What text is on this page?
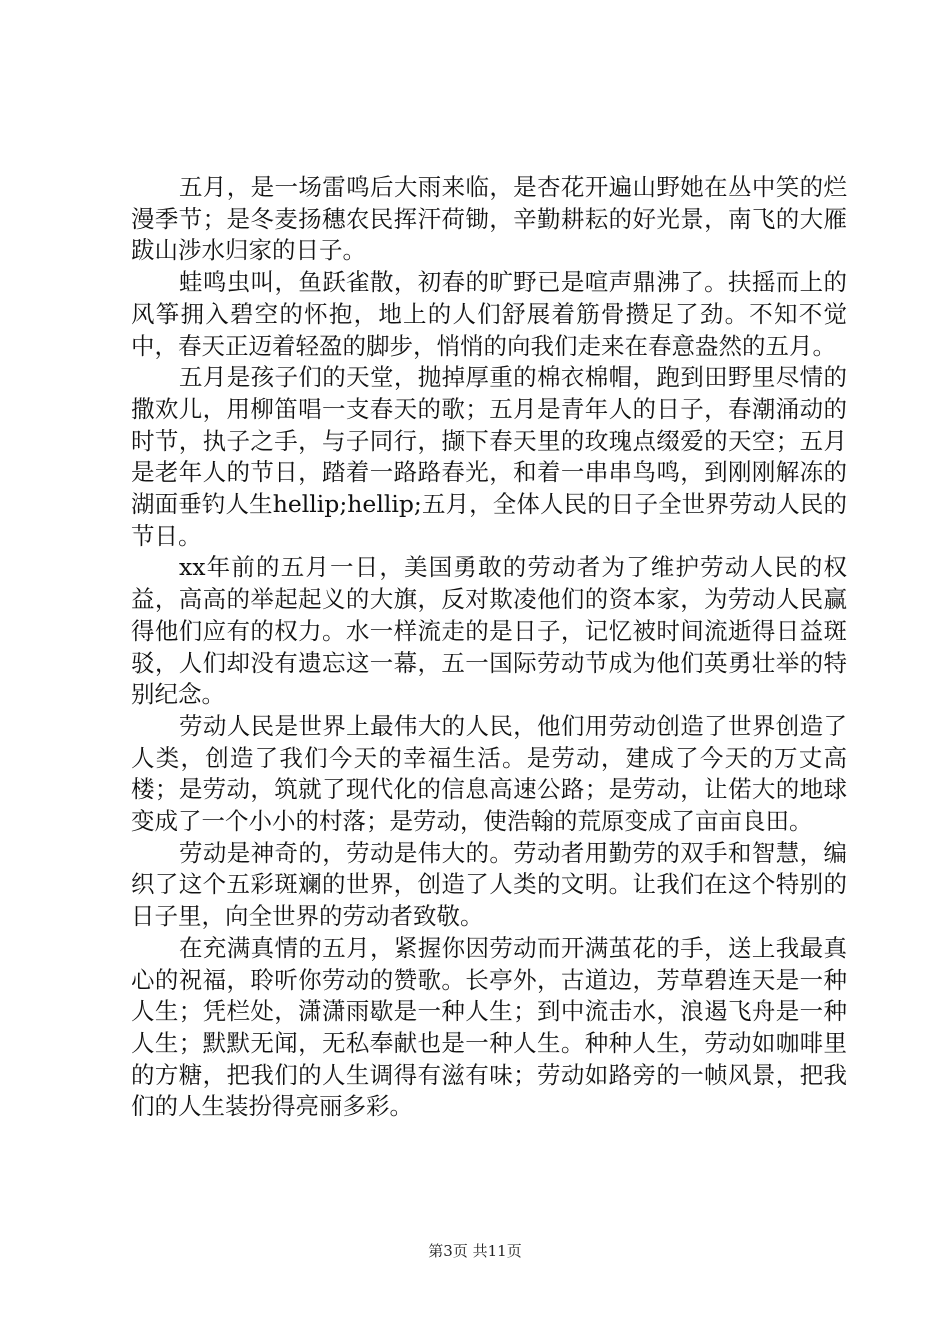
五月，是一场雷鸣后大雨来临，是杏花开遍山野她在丛中笑的烂漫季节；是冬麦扬穗农民挥汗荷锄，辛勤耕耘的好光景，南飞的大雁跋山涉水归家的日子。

蛙鸣虫叫，鱼跃雀散，初春的旷野已是喧声鼎沸了。扶摇而上的风筝拥入碧空的怀抱，地上的人们舒展着筋骨攒足了劲。不知不觉中，春天正迈着轻盈的脚步，悄悄的向我们走来在春意盎然的五月。

五月是孩子们的天堂，抛掉厚重的棉衣棉帽，跑到田野里尽情的撒欢儿，用柳笛唱一支春天的歌；五月是青年人的日子，春潮涌动的时节，执子之手，与子同行，撷下春天里的玫瑰点缀爱的天空；五月是老年人的节日，踏着一路路春光，和着一串串鸟鸣，到刚刚解冻的湖面垂钓人生hellip;hellip;五月，全体人民的日子全世界劳动人民的节日。

xx年前的五月一日，美国勇敢的劳动者为了维护劳动人民的权益，高高的举起起义的大旗，反对欺凌他们的资本家，为劳动人民赢得他们应有的权力。水一样流走的是日子，记忆被时间流逝得日益斑驳，人们却没有遗忘这一幕，五一国际劳动节成为他们英勇壮举的特别纪念。

劳动人民是世界上最伟大的人民，他们用劳动创造了世界创造了人类，创造了我们今天的幸福生活。是劳动，建成了今天的万丈高楼；是劳动，筑就了现代化的信息高速公路；是劳动，让偌大的地球变成了一个小小的村落；是劳动，使浩翰的荒原变成了亩亩良田。

劳动是神奇的，劳动是伟大的。劳动者用勤劳的双手和智慧，编织了这个五彩斑斓的世界，创造了人类的文明。让我们在这个特别的日子里，向全世界的劳动者致敬。

在充满真情的五月，紧握你因劳动而开满茧花的手，送上我最真心的祝福，聆听你劳动的赞歌。长亭外，古道边，芳草碧连天是一种人生；凭栏处，潇潇雨歇是一种人生；到中流击水，浪遏飞舟是一种人生；默默无闻，无私奉献也是一种人生。种种人生，劳动如咖啡里的方糖，把我们的人生调得有滋有味；劳动如路旁的一帧风景，把我们的人生装扮得亮丽多彩。

第3页 共11页
